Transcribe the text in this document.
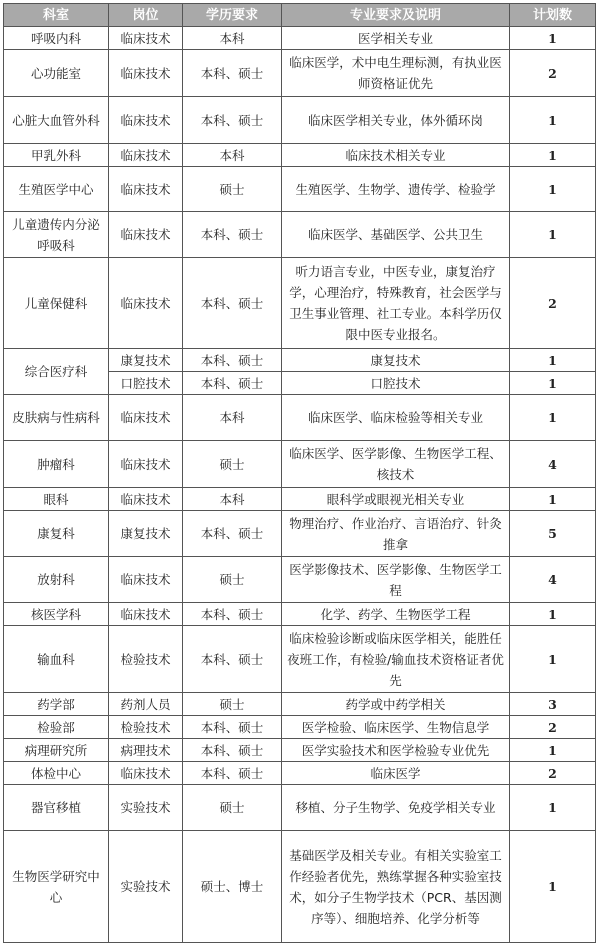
科室	岗位	学历要求	专业要求及说明	计划数
呼吸内科	临床技术	本科	医学相关专业	1
心功能室	临床技术	本科、硕士	临床医学，术中电生理标测，有执业医师资格证优先	2
心脏大血管外科	临床技术	本科、硕士	临床医学相关专业，体外循环岗	1
甲乳外科	临床技术	本科	临床技术相关专业	1
生殖医学中心	临床技术	硕士	生殖医学、生物学、遗传学、检验学	1
儿童遗传内分泌呼吸科	临床技术	本科、硕士	临床医学、基础医学、公共卫生	1
儿童保健科	临床技术	本科、硕士	听力语言专业，中医专业，康复治疗学，心理治疗，特殊教育，社会医学与卫生事业管理、社工专业。本科学历仅限中医专业报名。	2
综合医疗科	康复技术	本科、硕士	康复技术	1
	口腔技术	本科、硕士	口腔技术	1
皮肤病与性病科	临床技术	本科	临床医学、临床检验等相关专业	1
肿瘤科	临床技术	硕士	临床医学、医学影像、生物医学工程、核技术	4
眼科	临床技术	本科	眼科学或眼视光相关专业	1
康复科	康复技术	本科、硕士	物理治疗、作业治疗、言语治疗、针灸推拿	5
放射科	临床技术	硕士	医学影像技术、医学影像、生物医学工程	4
核医学科	临床技术	本科、硕士	化学、药学、生物医学工程	1
输血科	检验技术	本科、硕士	临床检验诊断或临床医学相关，能胜任夜班工作，有检验/输血技术资格证者优先	1
药学部	药剂人员	硕士	药学或中药学相关	3
检验部	检验技术	本科、硕士	医学检验、临床医学、生物信息学	2
病理研究所	病理技术	本科、硕士	医学实验技术和医学检验专业优先	1
体检中心	临床技术	本科、硕士	临床医学	2
器官移植	实验技术	硕士	移植、分子生物学、免疫学相关专业	1
生物医学研究中心	实验技术	硕士、博士	基础医学及相关专业。有相关实验室工作经验者优先，熟练掌握各种实验室技术，如分子生物学技术（PCR、基因测序等）、细胞培养、化学分析等	1
